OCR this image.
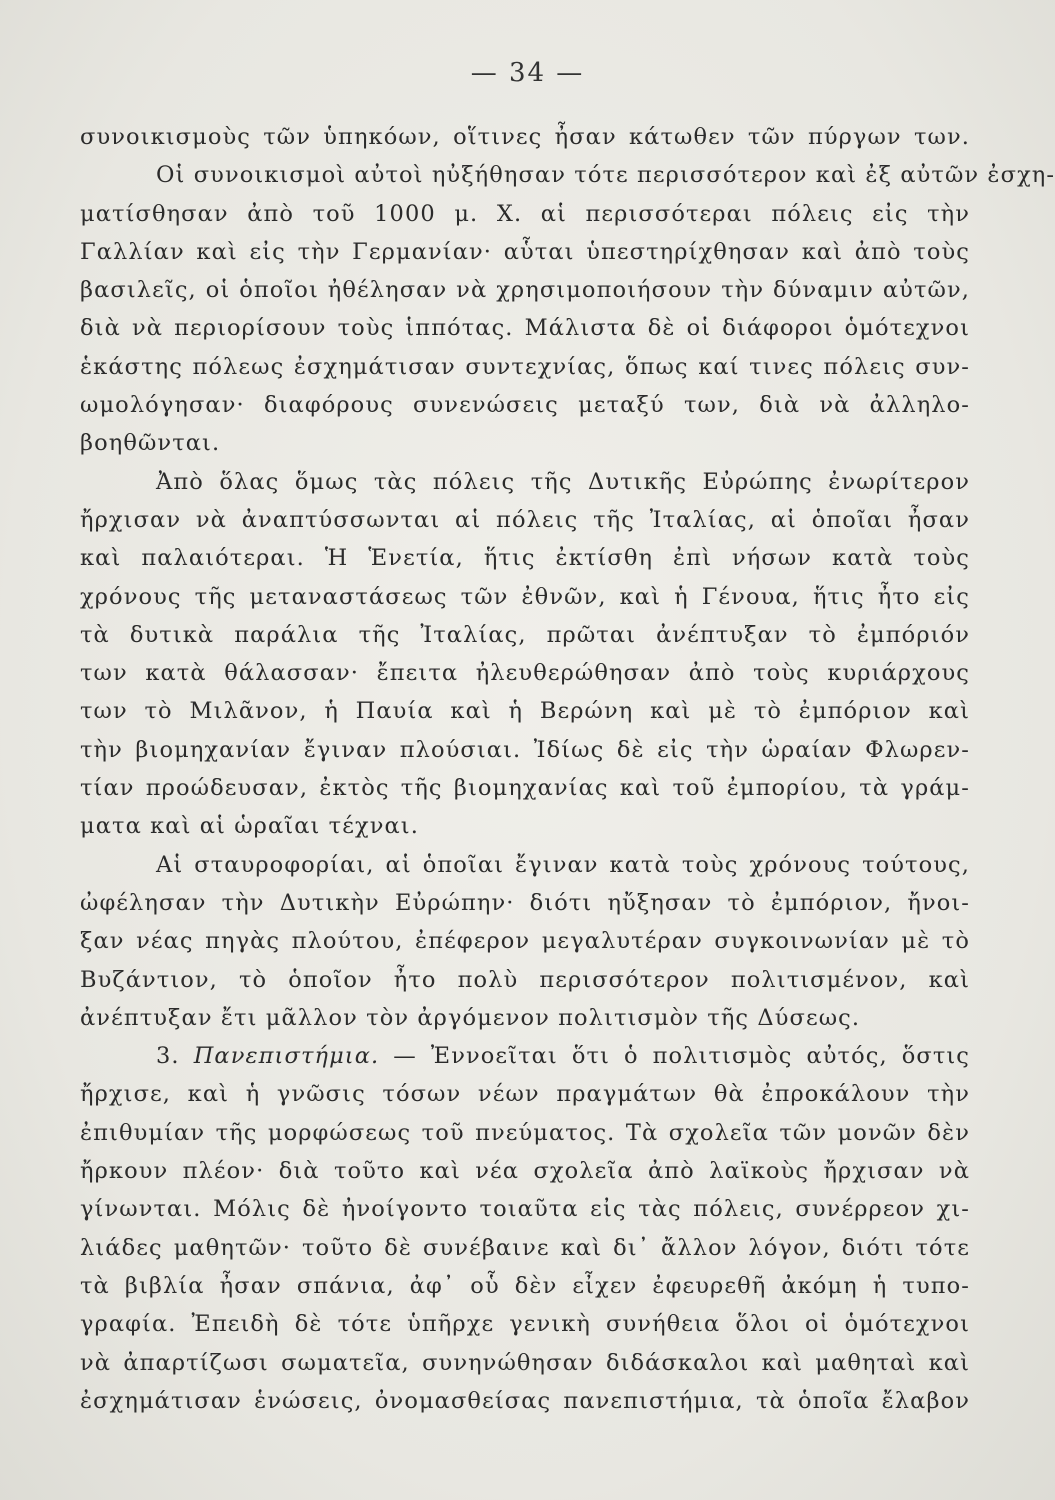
— 34 —
συνοικισμοὺς τῶν ὑπηκόων, οἵτινες ἦσαν κάτωθεν τῶν πύργων των.
Οἱ συνοικισμοὶ αὐτοὶ ηὐξήθησαν τότε περισσότερον καὶ ἐξ αὐτῶν ἐσχη-
ματίσθησαν ἀπὸ τοῦ 1000 μ. Χ. αἱ περισσότεραι πόλεις εἰς τὴν
Γαλλίαν καὶ εἰς τὴν Γερμανίαν· αὗται ὑπεστηρίχθησαν καὶ ἀπὸ τοὺς
βασιλεῖς, οἱ ὁποῖοι ἠθέλησαν νὰ χρησιμοποιήσουν τὴν δύναμιν αὐτῶν,
διὰ νὰ περιορίσουν τοὺς ἱππότας. Μάλιστα δὲ οἱ διάφοροι ὁμότεχνοι
ἑκάστης πόλεως ἐσχημάτισαν συντεχνίας, ὅπως καί τινες πόλεις συν-
ωμολόγησαν· διαφόρους συνενώσεις μεταξύ των, διὰ νὰ ἀλληλο-
βοηθῶνται.
Ἀπὸ ὅλας ὅμως τὰς πόλεις τῆς Δυτικῆς Εὐρώπης ἐνωρίτερον
ἤρχισαν νὰ ἀναπτύσσωνται αἱ πόλεις τῆς Ἰταλίας, αἱ ὁποῖαι ἦσαν
καὶ παλαιότεραι. Ἡ Ἑνετία, ἥτις ἐκτίσθη ἐπὶ νήσων κατὰ τοὺς
χρόνους τῆς μεταναστάσεως τῶν ἐθνῶν, καὶ ἡ Γένουα, ἥτις ἦτο εἰς
τὰ δυτικὰ παράλια τῆς Ἰταλίας, πρῶται ἀνέπτυξαν τὸ ἐμπόριόν
των κατὰ θάλασσαν· ἔπειτα ἠλευθερώθησαν ἀπὸ τοὺς κυριάρχους
των τὸ Μιλᾶνον, ἡ Παυία καὶ ἡ Βερώνη καὶ μὲ τὸ ἐμπόριον καὶ
τὴν βιομηχανίαν ἔγιναν πλούσιαι. Ἰδίως δὲ εἰς τὴν ὡραίαν Φλωρεν-
τίαν προώδευσαν, ἐκτὸς τῆς βιομηχανίας καὶ τοῦ ἐμπορίου, τὰ γράμ-
ματα καὶ αἱ ὡραῖαι τέχναι.
Αἱ σταυροφορίαι, αἱ ὁποῖαι ἔγιναν κατὰ τοὺς χρόνους τούτους,
ὠφέλησαν τὴν Δυτικὴν Εὐρώπην· διότι ηὔξησαν τὸ ἐμπόριον, ἤνοι-
ξαν νέας πηγὰς πλούτου, ἐπέφερον μεγαλυτέραν συγκοινωνίαν μὲ τὸ
Βυζάντιον, τὸ ὁποῖον ἦτο πολὺ περισσότερον πολιτισμένον, καὶ
ἀνέπτυξαν ἔτι μᾶλλον τὸν ἀργόμενον πολιτισμὸν τῆς Δύσεως.
3. Πανεπιστήμια. — Ἐννοεῖται ὅτι ὁ πολιτισμὸς αὐτός, ὅστις
ἤρχισε, καὶ ἡ γνῶσις τόσων νέων πραγμάτων θὰ ἐπροκάλουν τὴν
ἐπιθυμίαν τῆς μορφώσεως τοῦ πνεύματος. Τὰ σχολεῖα τῶν μονῶν δὲν
ἤρκουν πλέον· διὰ τοῦτο καὶ νέα σχολεῖα ἀπὸ λαϊκοὺς ἤρχισαν νὰ
γίνωνται. Μόλις δὲ ἠνοίγοντο τοιαῦτα εἰς τὰς πόλεις, συνέρρεον χι-
λιάδες μαθητῶν· τοῦτο δὲ συνέβαινε καὶ δι᾽ ἄλλον λόγον, διότι τότε
τὰ βιβλία ἦσαν σπάνια, ἀφ᾽ οὗ δὲν εἶχεν ἐφευρεθῆ ἀκόμη ἡ τυπο-
γραφία. Ἐπειδὴ δὲ τότε ὑπῆρχε γενικὴ συνήθεια ὅλοι οἱ ὁμότεχνοι
νὰ ἀπαρτίζωσι σωματεῖα, συνηνώθησαν διδάσκαλοι καὶ μαθηταὶ καὶ
ἐσχημάτισαν ἑνώσεις, ὀνομασθείσας πανεπιστήμια, τὰ ὁποῖα ἔλαβον
